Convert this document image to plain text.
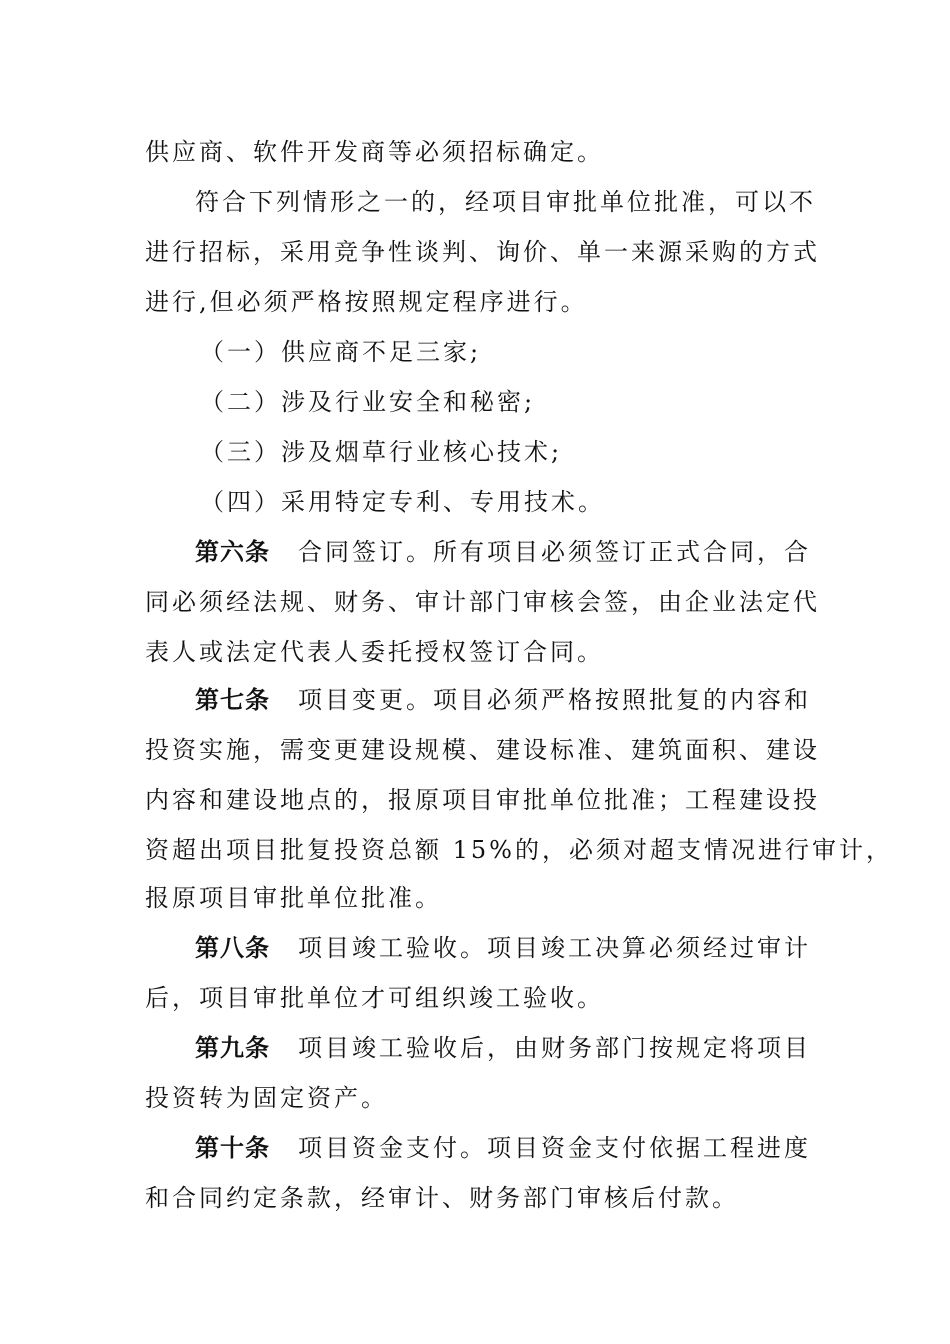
供应商、软件开发商等必须招标确定。
符合下列情形之一的，经项目审批单位批准，可以不
进行招标，采用竞争性谈判、询价、单一来源采购的方式
进行,但必须严格按照规定程序进行。
（一）供应商不足三家;
（二）涉及行业安全和秘密;
（三）涉及烟草行业核心技术;
（四）采用特定专利、专用技术。
第六条 合同签订。所有项目必须签订正式合同，合
同必须经法规、财务、审计部门审核会签，由企业法定代
表人或法定代表人委托授权签订合同。
第七条 项目变更。项目必须严格按照批复的内容和
投资实施，需变更建设规模、建设标准、建筑面积、建设
内容和建设地点的，报原项目审批单位批准；工程建设投
资超出项目批复投资总额 15%的，必须对超支情况进行审计，
报原项目审批单位批准。
第八条 项目竣工验收。项目竣工决算必须经过审计
后，项目审批单位才可组织竣工验收。
第九条 项目竣工验收后，由财务部门按规定将项目
投资转为固定资产。
第十条 项目资金支付。项目资金支付依据工程进度
和合同约定条款，经审计、财务部门审核后付款。
